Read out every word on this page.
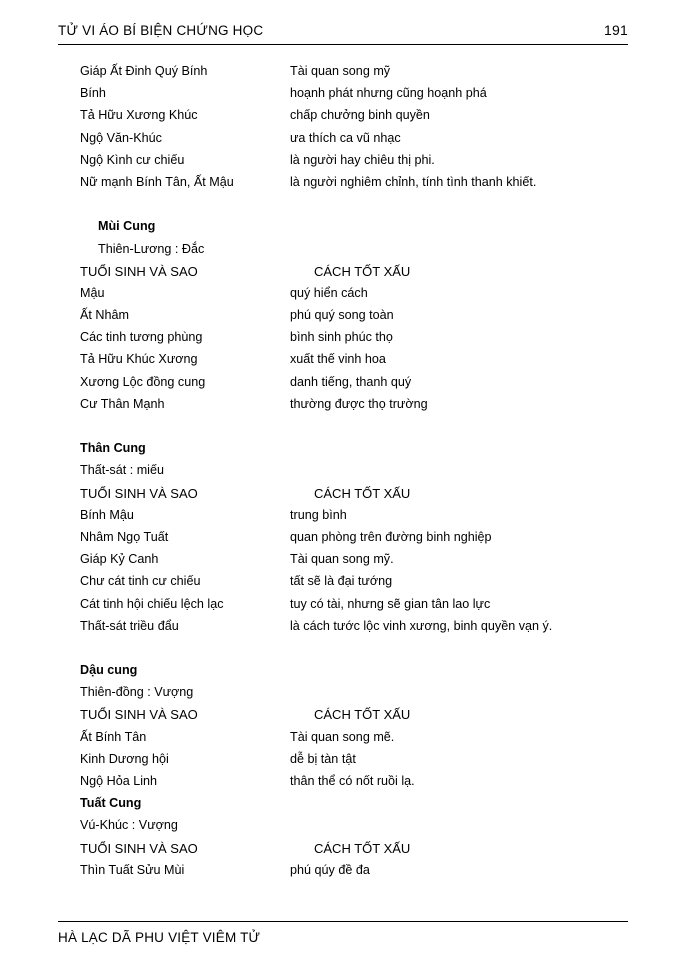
TỬ VI ÁO BÍ BIỆN CHỨNG HỌC	191
Giáp Ất Đinh Quý Bính	Tài quan song mỹ
Bính	hoạnh phát nhưng cũng hoạnh phá
Tả Hữu Xương Khúc	chấp chưởng binh quyền
Ngộ Văn-Khúc	ưa thích ca vũ nhạc
Ngộ Kình cư chiếu	là người hay chiêu thị phi.
Nữ mạnh Bính Tân, Ất Mậu	là người nghiêm chỉnh, tính tình thanh khiết.
Mùi Cung
Thiên-Lương : Đắc
TUỔI SINH VÀ SAO	CÁCH TỐT XẤU
Mậu	quý hiển cách
Ất Nhâm	phú quý song toàn
Các tinh tương phùng	bình sinh phúc thọ
Tả Hữu Khúc Xương	xuất thế vinh hoa
Xương Lộc đồng cung	danh tiếng, thanh quý
Cư Thân Mạnh	thường được thọ trường
Thân Cung
Thất-sát : miếu
TUỔI SINH VÀ SAO	CÁCH TỐT XẤU
Bính Mậu	trung bình
Nhâm Ngọ Tuất	quan phòng trên đường binh nghiệp
Giáp Kỷ Canh	Tài quan song mỹ.
Chư cát tinh cư chiếu	tất sẽ là đại tướng
Cát tinh hội chiếu lệch lạc	tuy có tài, nhưng sẽ gian tân lao lực
Thất-sát triều đẩu	là cách tước lộc vinh xương, binh quyền vạn ý.
Dậu cung
Thiên-đồng : Vượng
TUỔI SINH VÀ SAO	CÁCH TỐT XẤU
Ất Bính Tân	Tài quan song mẽ.
Kinh Dương hội	dễ bị tàn tật
Ngộ Hỏa Linh	thân thể có nốt ruồi lạ.
Tuất Cung
Vú-Khúc : Vượng
TUỔI SINH VÀ SAO	CÁCH TỐT XẤU
Thìn Tuất Sửu Mùi	phú qúy đề đa
HÀ LẠC DÃ PHU VIỆT VIÊM TỬ
